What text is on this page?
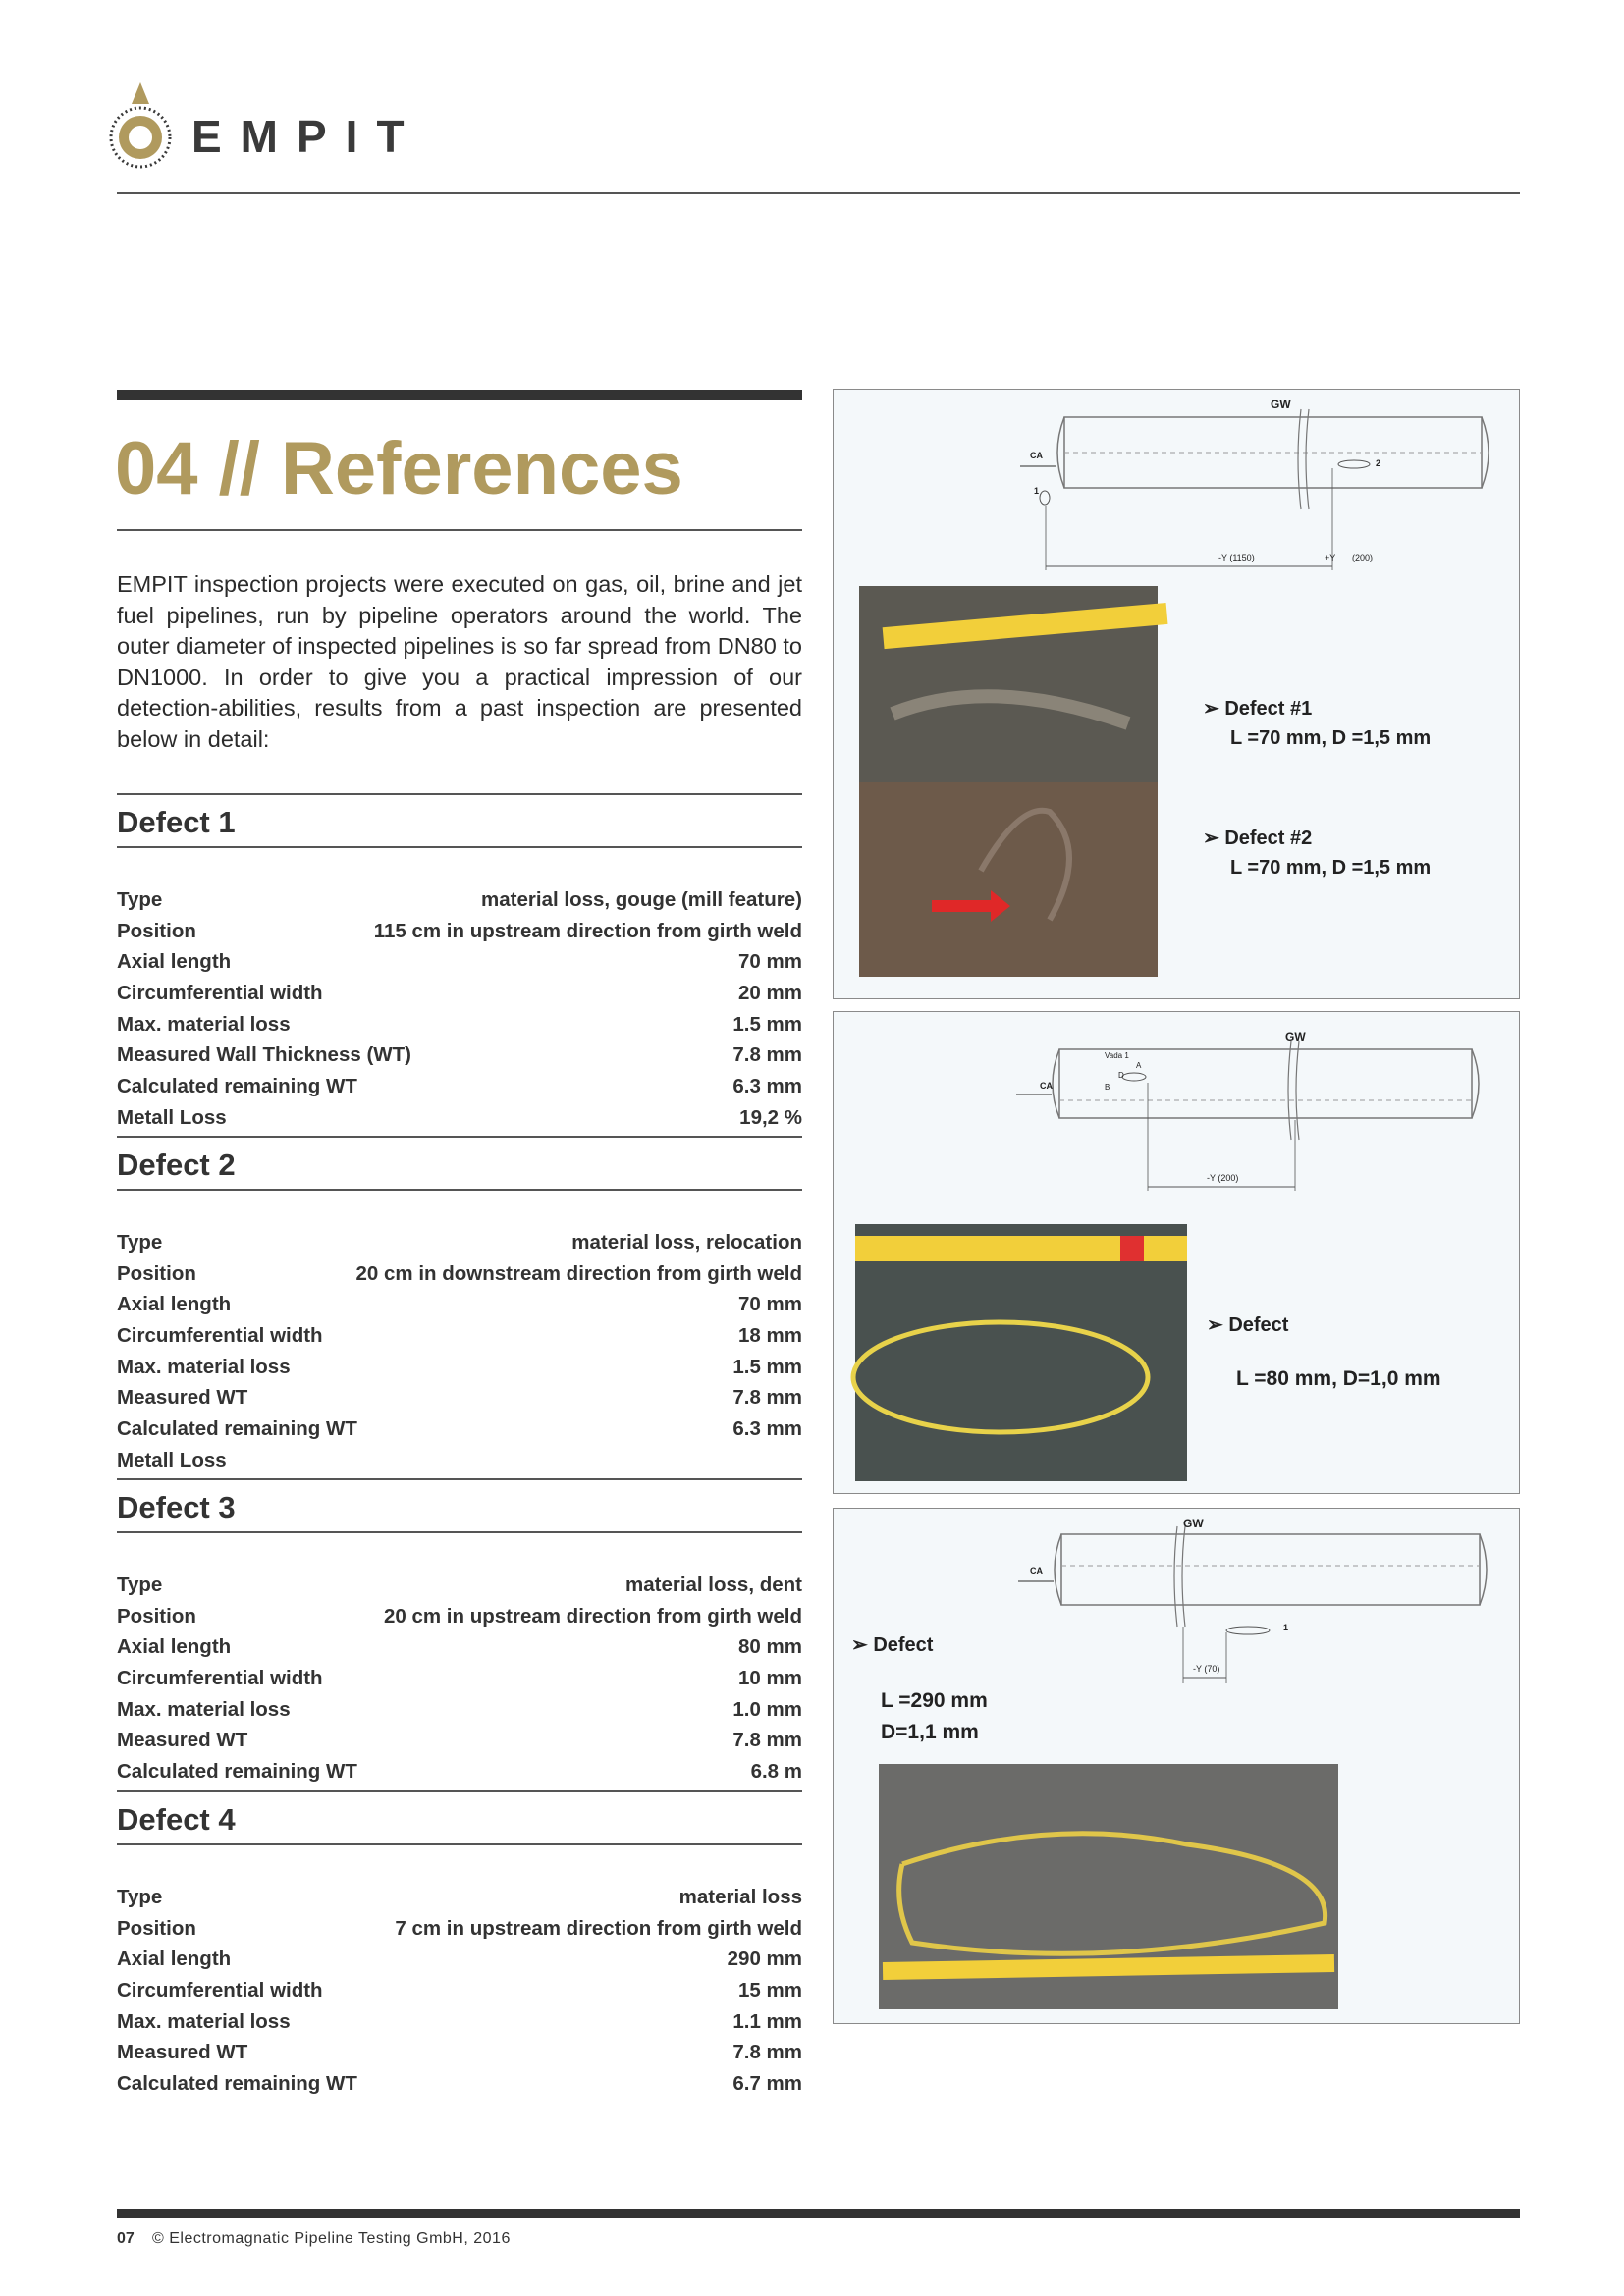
EMPIT
04 // References
EMPIT inspection projects were executed on gas, oil, brine and jet fuel pipelines, run by pipeline operators around the world. The outer diameter of inspected pipelines is so far spread from DN80 to DN1000. In order to give you a practical impression of our detection-abilities, results from a past inspection are presented below in detail:
Defect 1
Type	material loss, gouge (mill feature)
Position	115 cm in upstream direction from girth weld
Axial length	70 mm
Circumferential width	20 mm
Max. material loss	1.5 mm
Measured Wall Thickness (WT)	7.8 mm
Calculated remaining WT	6.3 mm
Metall Loss	19,2 %
Defect 2
Type	material loss, relocation
Position	20 cm in downstream direction from girth weld
Axial length	70 mm
Circumferential width	18 mm
Max. material loss	1.5 mm
Measured WT	7.8 mm
Calculated remaining WT	6.3 mm
Metall Loss
Defect 3
Type	material loss, dent
Position	20 cm in upstream direction from girth weld
Axial length	80 mm
Circumferential width	10 mm
Max. material loss	1.0 mm
Measured WT	7.8 mm
Calculated remaining WT	6.8 m
Defect 4
Type	material loss
Position	7 cm in upstream direction from girth weld
Axial length	290 mm
Circumferential width	15 mm
Max. material loss	1.1 mm
Measured WT	7.8 mm
Calculated remaining WT	6.7 mm
GW
CA
1
2
-Y (1150)	+Y (200)
➢ Defect #1
L =70 mm, D =1,5 mm
➢ Defect #2
L =70 mm, D =1,5 mm
GW
CA
Vada 1
A
B
D
-Y (200)
➢ Defect
L =80 mm, D=1,0 mm
GW
CA
1
-Y (70)
➢ Defect
L =290 mm
D=1,1 mm
07 © Electromagnatic Pipeline Testing GmbH, 2016
